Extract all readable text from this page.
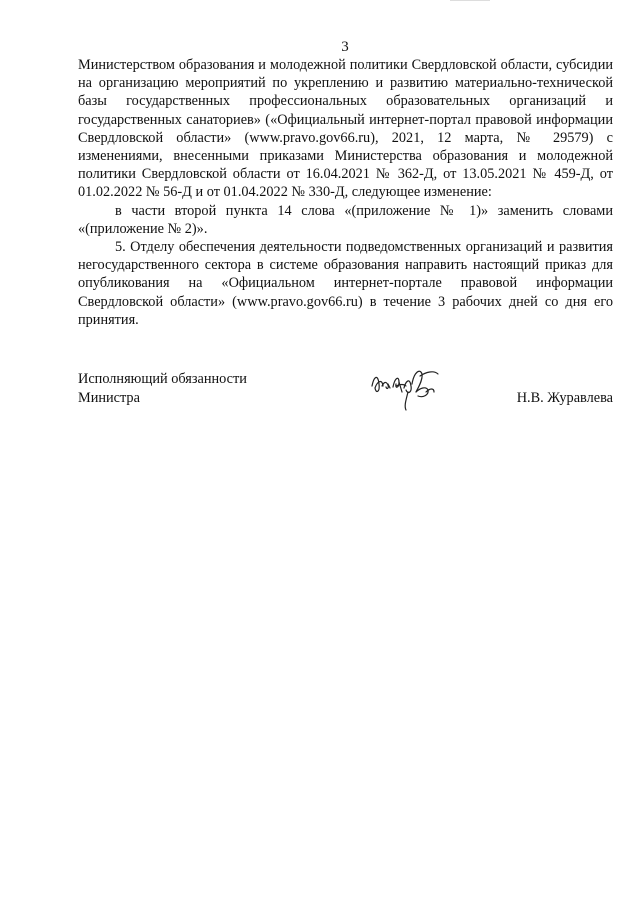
3

Министерством образования и молодежной политики Свердловской области, субсидии на организацию мероприятий по укреплению и развитию материально-технической базы государственных профессиональных образовательных организаций и государственных санаториев» («Официальный интернет-портал правовой информации Свердловской области» (www.pravo.gov66.ru), 2021, 12 марта, № 29579) с изменениями, внесенными приказами Министерства образования и молодежной политики Свердловской области от 16.04.2021 № 362-Д, от 13.05.2021 № 459-Д, от 01.02.2022 № 56-Д и от 01.04.2022 № 330-Д, следующее изменение:

в части второй пункта 14 слова «(приложение № 1)» заменить словами «(приложение № 2)».

5. Отделу обеспечения деятельности подведомственных организаций и развития негосударственного сектора в системе образования направить настоящий приказ для опубликования на «Официальном интернет-портале правовой информации Свердловской области» (www.pravo.gov66.ru) в течение 3 рабочих дней со дня его принятия.

Исполняющий обязанности
Министра	Н.В. Журавлева
